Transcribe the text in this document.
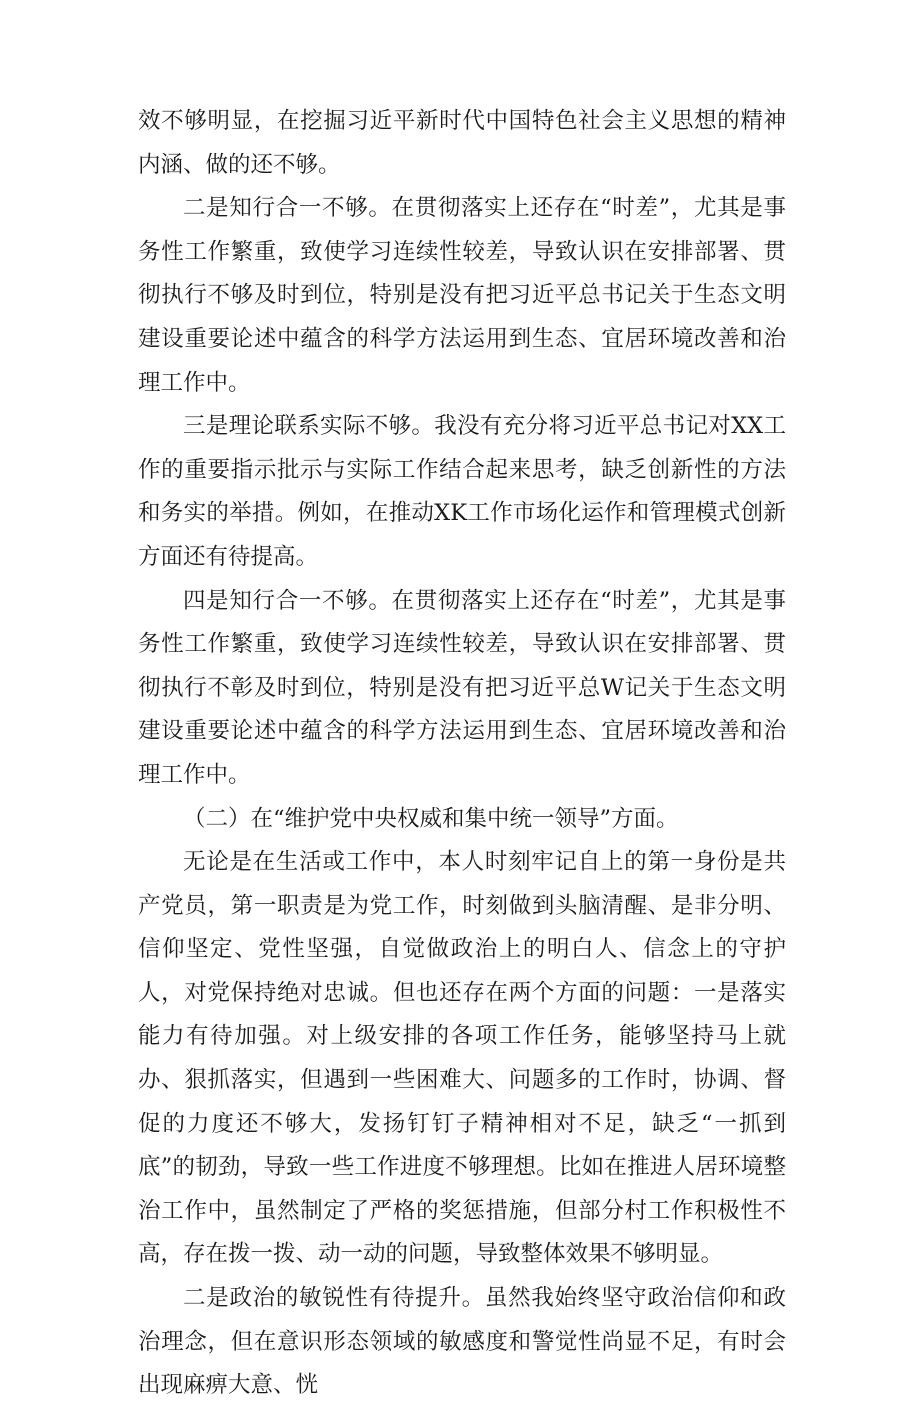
效不够明显，在挖掘习近平新时代中国特色社会主义思想的精神内涵、做的还不够。

二是知行合一不够。在贯彻落实上还存在“时差”，尤其是事务性工作繁重，致使学习连续性较差，导致认识在安排部署、贯彻执行不够及时到位，特别是没有把习近平总书记关于生态文明建设重要论述中蕴含的科学方法运用到生态、宜居环境改善和治理工作中。

三是理论联系实际不够。我没有充分将习近平总书记对XX工作的重要指示批示与实际工作结合起来思考，缺乏创新性的方法和务实的举措。例如，在推动XK工作市场化运作和管理模式创新方面还有待提高。

四是知行合一不够。在贯彻落实上还存在“时差”，尤其是事务性工作繁重，致使学习连续性较差，导致认识在安排部署、贯彻执行不彰及时到位，特别是没有把习近平总W记关于生态文明建设重要论述中蕴含的科学方法运用到生态、宜居环境改善和治理工作中。

（二）在“维护党中央权威和集中统一领导”方面。

无论是在生活或工作中，本人时刻牢记自上的第一身份是共产党员，第一职责是为党工作，时刻做到头脑清醒、是非分明、信仰坚定、党性坚强，自觉做政治上的明白人、信念上的守护人，对党保持绝对忠诚。但也还存在两个方面的问题：一是落实能力有待加强。对上级安排的各项工作任务，能够坚持马上就办、狠抓落实，但遇到一些困难大、问题多的工作时，协调、督促的力度还不够大，发扬钉钉子精神相对不足，缺乏“一抓到底”的韧劲，导致一些工作进度不够理想。比如在推进人居环境整治工作中，虽然制定了严格的奖惩措施，但部分村工作积极性不高，存在拨一拨、动一动的问题，导致整体效果不够明显。

二是政治的敏锐性有待提升。虽然我始终坚守政治信仰和政治理念，但在意识形态领域的敏感度和警觉性尚显不足，有时会出现麻痹大意、恍
